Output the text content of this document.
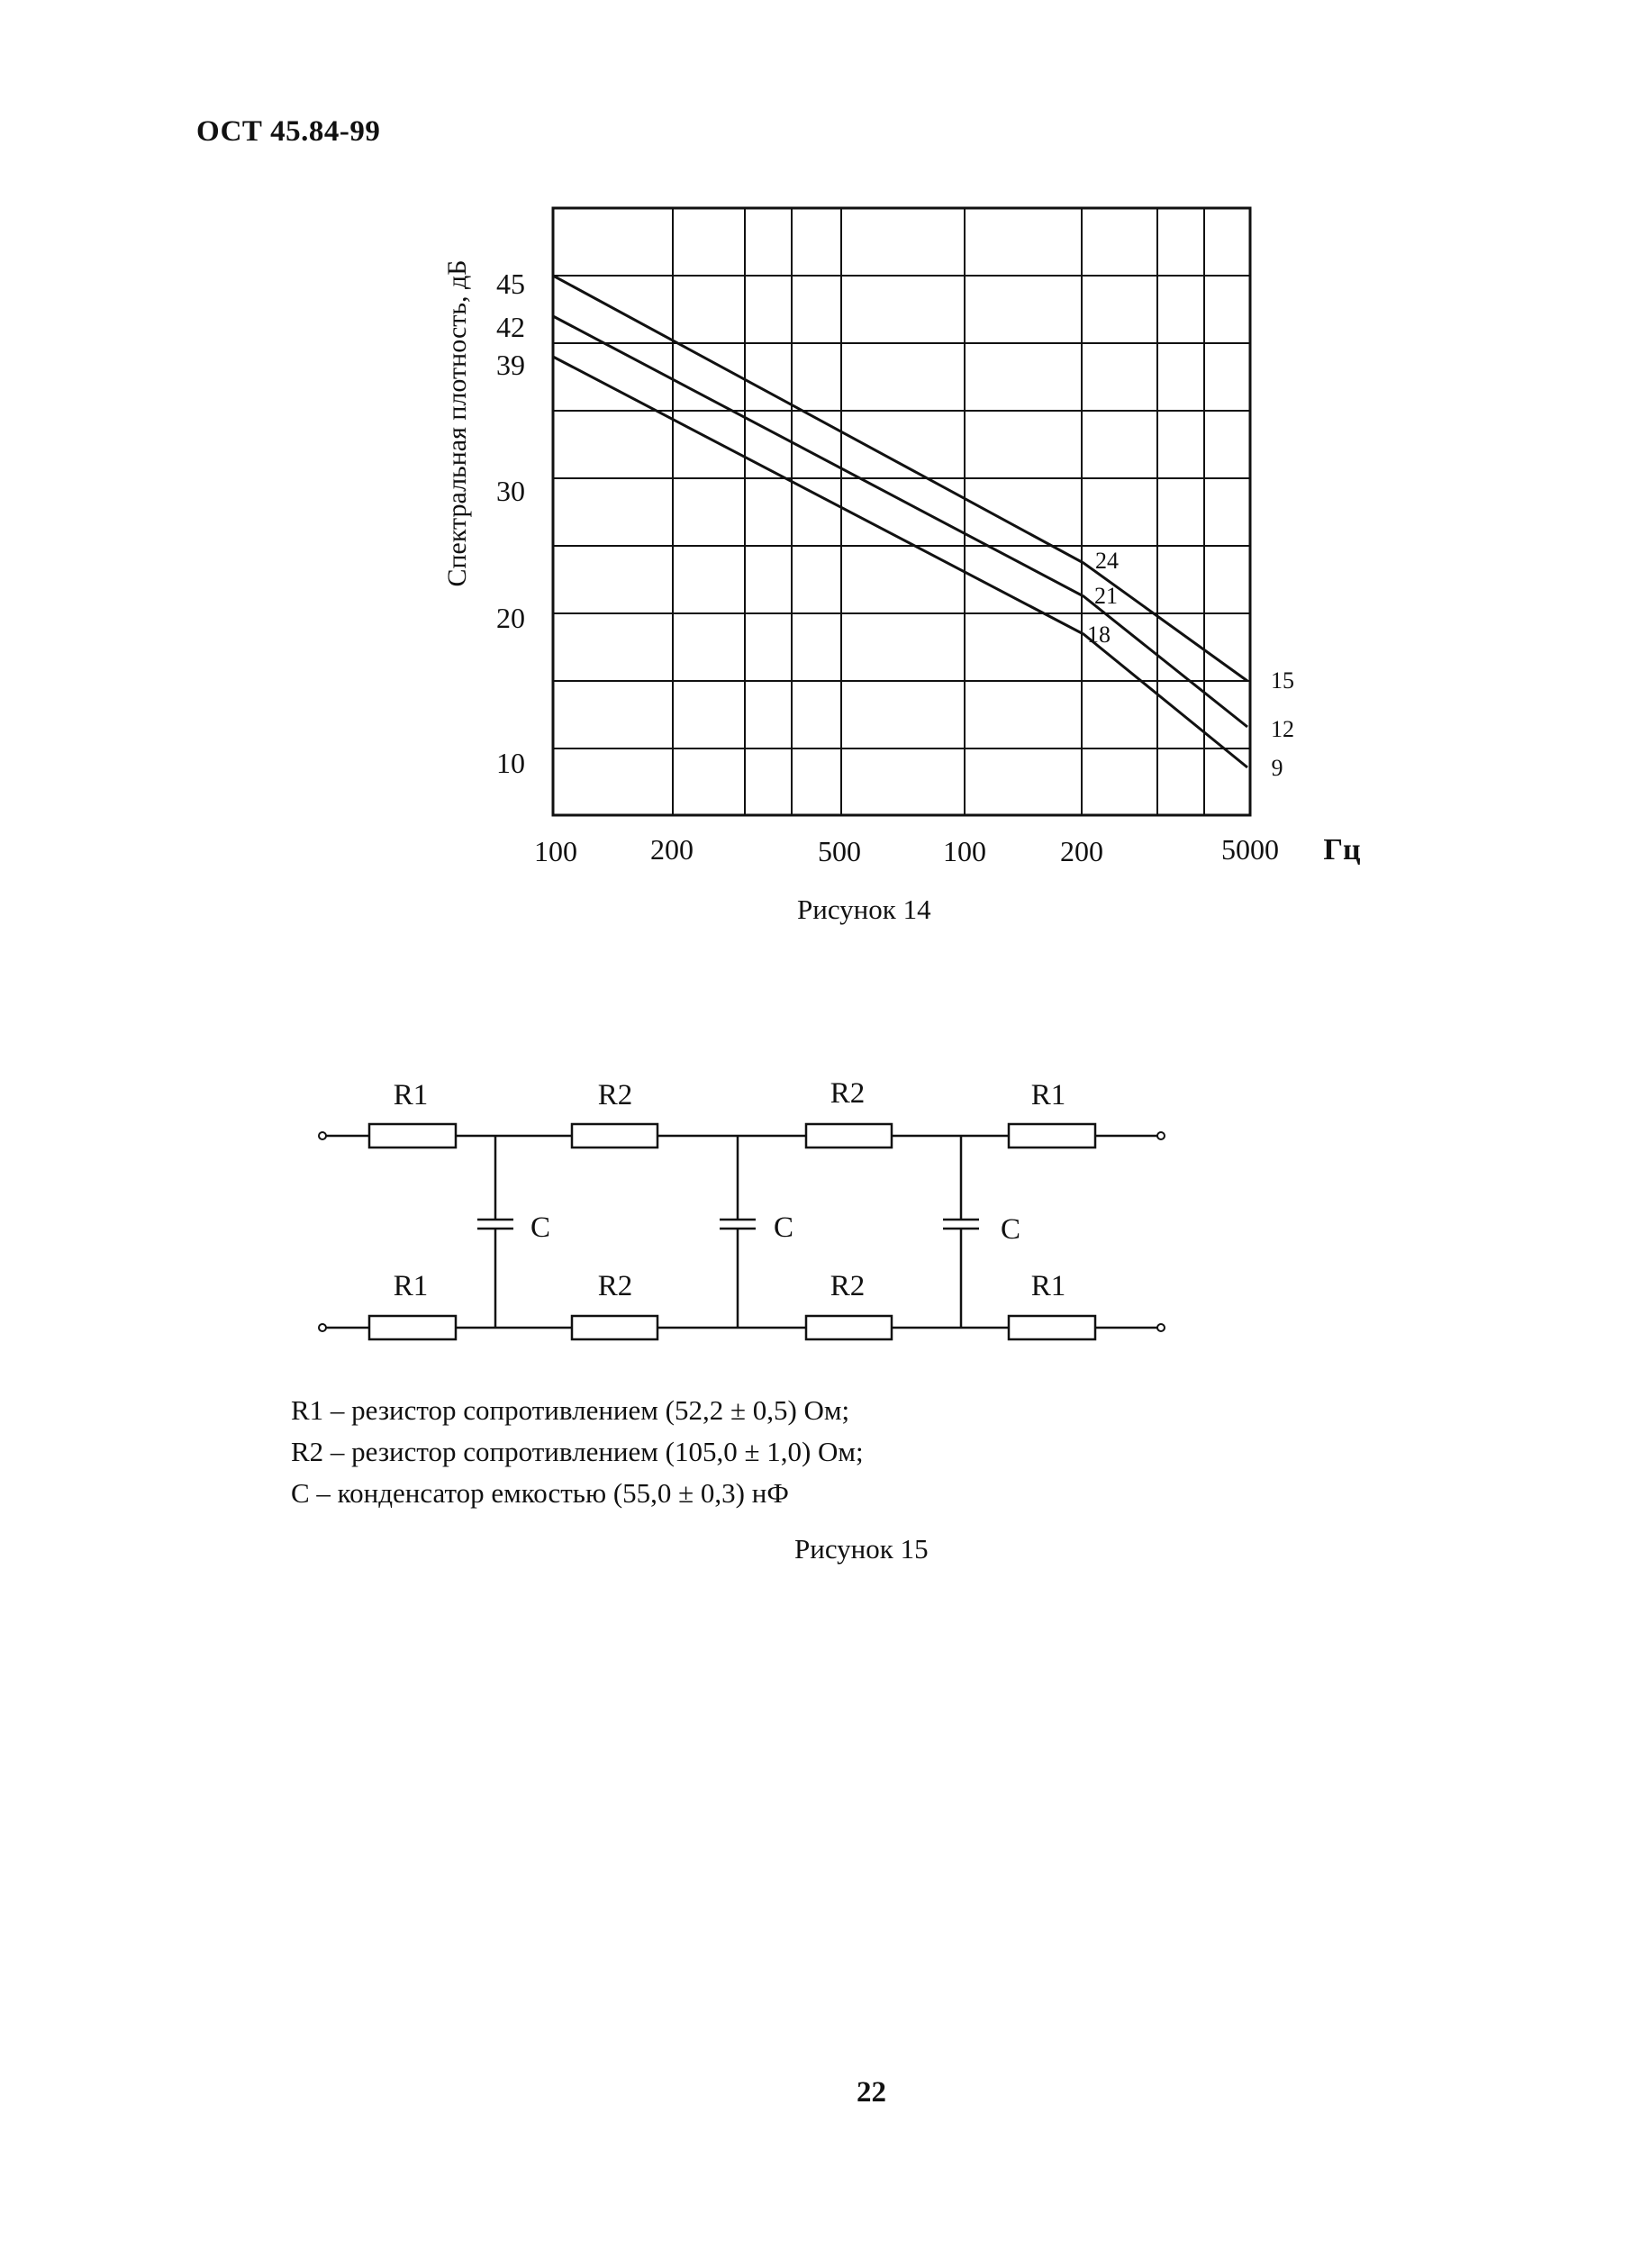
ОСТ 45.84-99
Спектральная плотность, дБ 45
42
39
30
20
10
100	200	500	100	200	5000 Гц
24
21
18
15
12
9
Рисунок 14
R1	R2	R2	R1
R1	R2	R2	R1
C	C	C
R1 – резистор сопротивлением (52,2 ± 0,5) Ом;
R2 – резистор сопротивлением (105,0 ± 1,0) Ом;
С – конденсатор емкостью (55,0 ± 0,3) нФ
Рисунок 15
22
